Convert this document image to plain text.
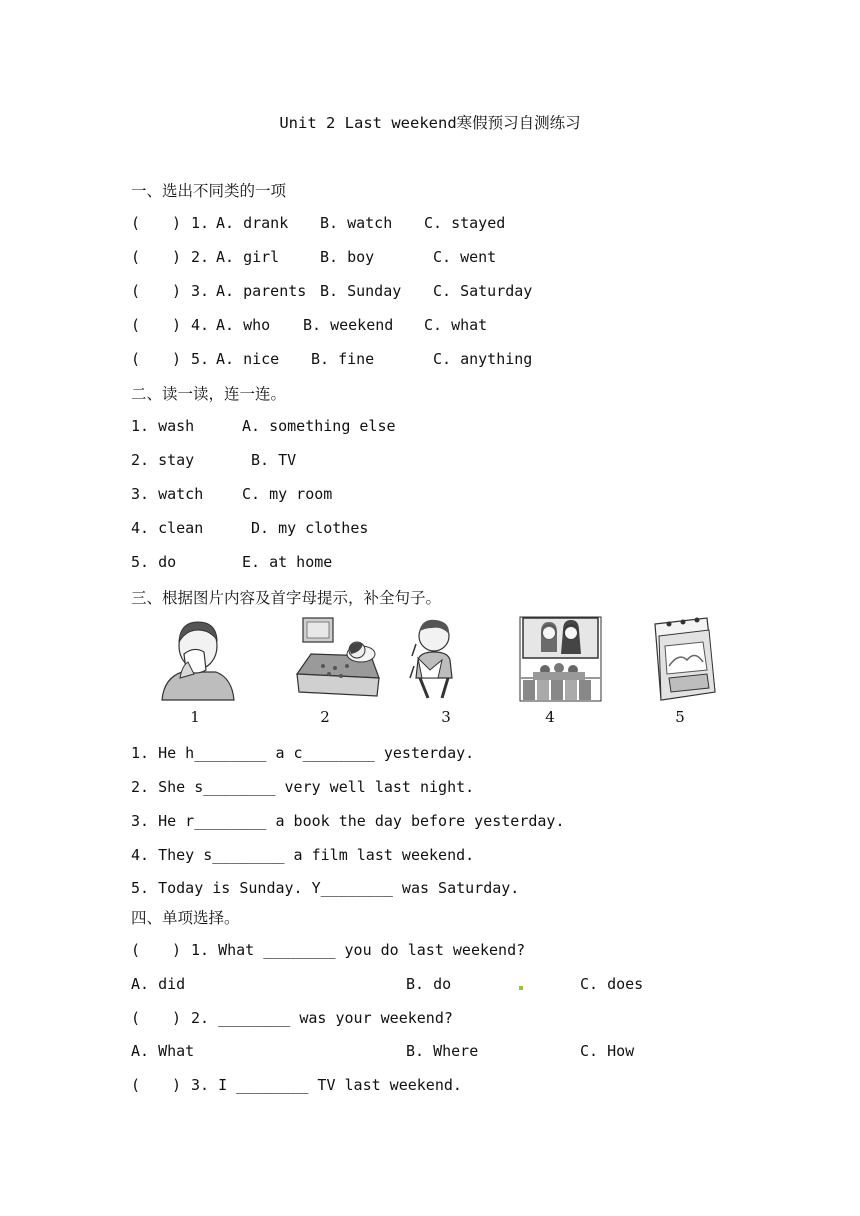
Unit 2 Last weekend寒假预习自测练习
一、选出不同类的一项
( ) 1. A. drank B. watch C. stayed
( ) 2. A. girl	B. boy	C. went
( ) 3. A. parents B. Sunday C. Saturday
( ) 4. A. who B. weekend C. what
( ) 5. A. nice B. fine	C. anything
二、读一读，连一连。
1. wash	A. something else
2. stay	B. TV
3. watch	C. my room
4. clean	D. my clothes
5. do	E. at home
三、根据图片内容及首字母提示，补全句子。
1	2	3	4	5
1. He h________ a c________ yesterday.
2. She s________ very well last night.
3. He r________ a book the day before yesterday.
4. They s________ a film last weekend.
5. Today is Sunday. Y________ was Saturday.
四、单项选择。
( ) 1. What ________ you do last weekend?
A. did	B. do	C. does
( ) 2. ________ was your weekend?
A. What	B. Where	C. How
( ) 3. I ________ TV last weekend.
